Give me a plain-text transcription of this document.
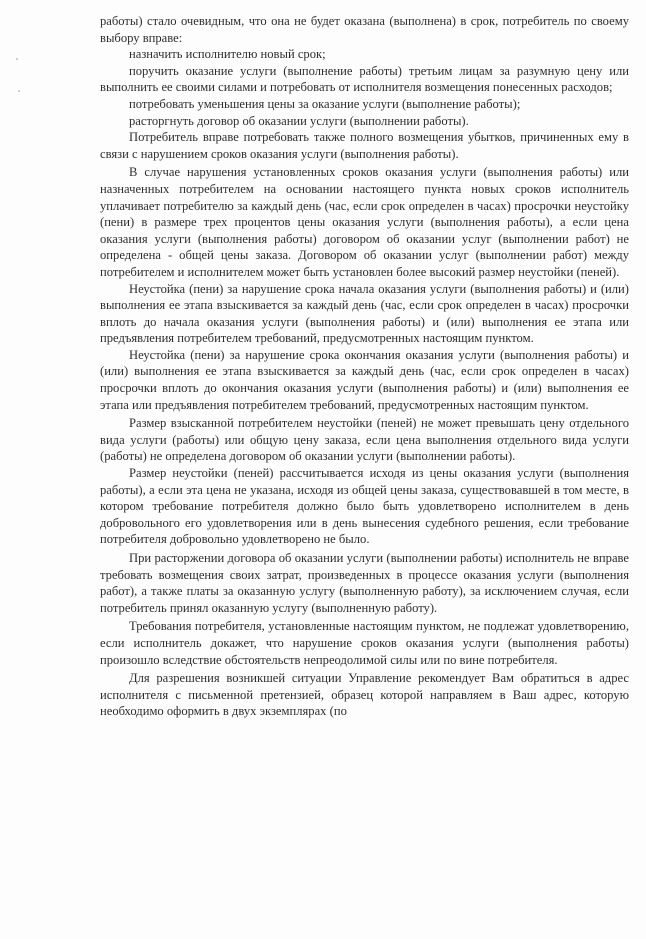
работы) стало очевидным, что она не будет оказана (выполнена) в срок, потребитель по своему выбору вправе:

назначить исполнителю новый срок;

поручить оказание услуги (выполнение работы) третьим лицам за разумную цену или выполнить ее своими силами и потребовать от исполнителя возмещения понесенных расходов;

потребовать уменьшения цены за оказание услуги (выполнение работы);

расторгнуть договор об оказании услуги (выполнении работы).

Потребитель вправе потребовать также полного возмещения убытков, причиненных ему в связи с нарушением сроков оказания услуги (выполнения работы).

В случае нарушения установленных сроков оказания услуги (выполнения работы) или назначенных потребителем на основании настоящего пункта новых сроков исполнитель уплачивает потребителю за каждый день (час, если срок определен в часах) просрочки неустойку (пени) в размере трех процентов цены оказания услуги (выполнения работы), а если цена оказания услуги (выполнения работы) договором об оказании услуг (выполнении работ) не определена - общей цены заказа. Договором об оказании услуг (выполнении работ) между потребителем и исполнителем может быть установлен более высокий размер неустойки (пеней).

Неустойка (пени) за нарушение срока начала оказания услуги (выполнения работы) и (или) выполнения ее этапа взыскивается за каждый день (час, если срок определен в часах) просрочки вплоть до начала оказания услуги (выполнения работы) и (или) выполнения ее этапа или предъявления потребителем требований, предусмотренных настоящим пунктом.

Неустойка (пени) за нарушение срока окончания оказания услуги (выполнения работы) и (или) выполнения ее этапа взыскивается за каждый день (час, если срок определен в часах) просрочки вплоть до окончания оказания услуги (выполнения работы) и (или) выполнения ее этапа или предъявления потребителем требований, предусмотренных настоящим пунктом.

Размер взысканной потребителем неустойки (пеней) не может превышать цену отдельного вида услуги (работы) или общую цену заказа, если цена выполнения отдельного вида услуги (работы) не определена договором об оказании услуги (выполнении работы).

Размер неустойки (пеней) рассчитывается исходя из цены оказания услуги (выполнения работы), а если эта цена не указана, исходя из общей цены заказа, существовавшей в том месте, в котором требование потребителя должно было быть удовлетворено исполнителем в день добровольного его удовлетворения или в день вынесения судебного решения, если требование потребителя добровольно удовлетворено не было.

При расторжении договора об оказании услуги (выполнении работы) исполнитель не вправе требовать возмещения своих затрат, произведенных в процессе оказания услуги (выполнения работ), а также платы за оказанную услугу (выполненную работу), за исключением случая, если потребитель принял оказанную услугу (выполненную работу).

Требования потребителя, установленные настоящим пунктом, не подлежат удовлетворению, если исполнитель докажет, что нарушение сроков оказания услуги (выполнения работы) произошло вследствие обстоятельств непреодолимой силы или по вине потребителя.

Для разрешения возникшей ситуации Управление рекомендует Вам обратиться в адрес исполнителя с письменной претензией, образец которой направляем в Ваш адрес, которую необходимо оформить в двух экземплярах (по
